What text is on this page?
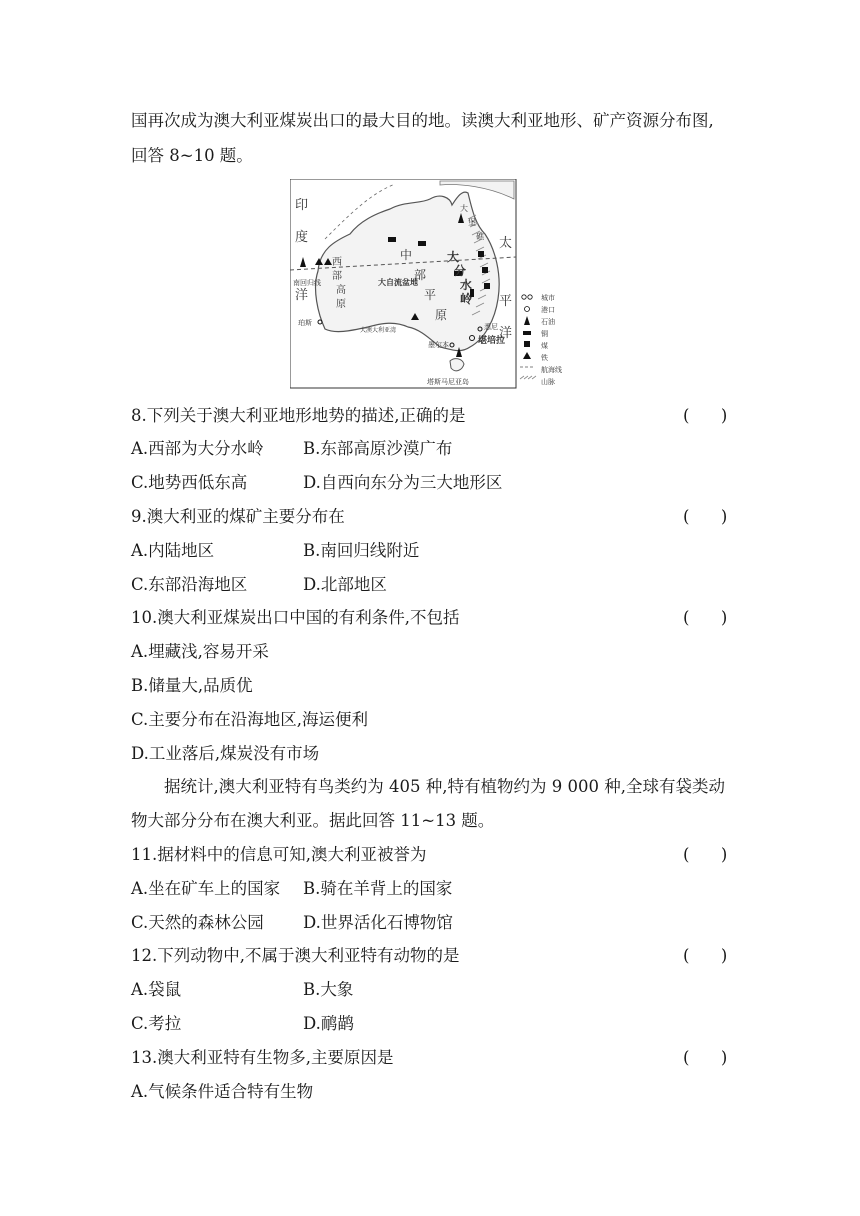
国再次成为澳大利亚煤炭出口的最大目的地。读澳大利亚地形、矿产资源分布图,
回答 8~10 题。
印
度
洋
太
平
洋
西
部
高
原
中
部
平
原
大
分
水
岭
大
堡
礁
南回归线	大自流盆地
大澳大利亚湾
珀斯	悉尼
堪培拉
墨尔本
塔斯马尼亚岛
城市
港口
石油
铜
煤
铁
航海线
山脉
8.下列关于澳大利亚地形地势的描述,正确的是	(      )
A.西部为大分水岭 B.东部高原沙漠广布
C.地势西低东高	D.自西向东分为三大地形区
9.澳大利亚的煤矿主要分布在	(      )
A.内陆地区	B.南回归线附近
C.东部沿海地区	D.北部地区
10.澳大利亚煤炭出口中国的有利条件,不包括	(      )
A.埋藏浅,容易开采
B.储量大,品质优
C.主要分布在沿海地区,海运便利
D.工业落后,煤炭没有市场
据统计,澳大利亚特有鸟类约为 405 种,特有植物约为 9 000 种,全球有袋类动
物大部分分布在澳大利亚。据此回答 11~13 题。
11.据材料中的信息可知,澳大利亚被誉为	(      )
A.坐在矿车上的国家 B.骑在羊背上的国家
C.天然的森林公园 D.世界活化石博物馆
12.下列动物中,不属于澳大利亚特有动物的是	(      )
A.袋鼠	B.大象
C.考拉	D.鸸鹋
13.澳大利亚特有生物多,主要原因是	(      )
A.气候条件适合特有生物
